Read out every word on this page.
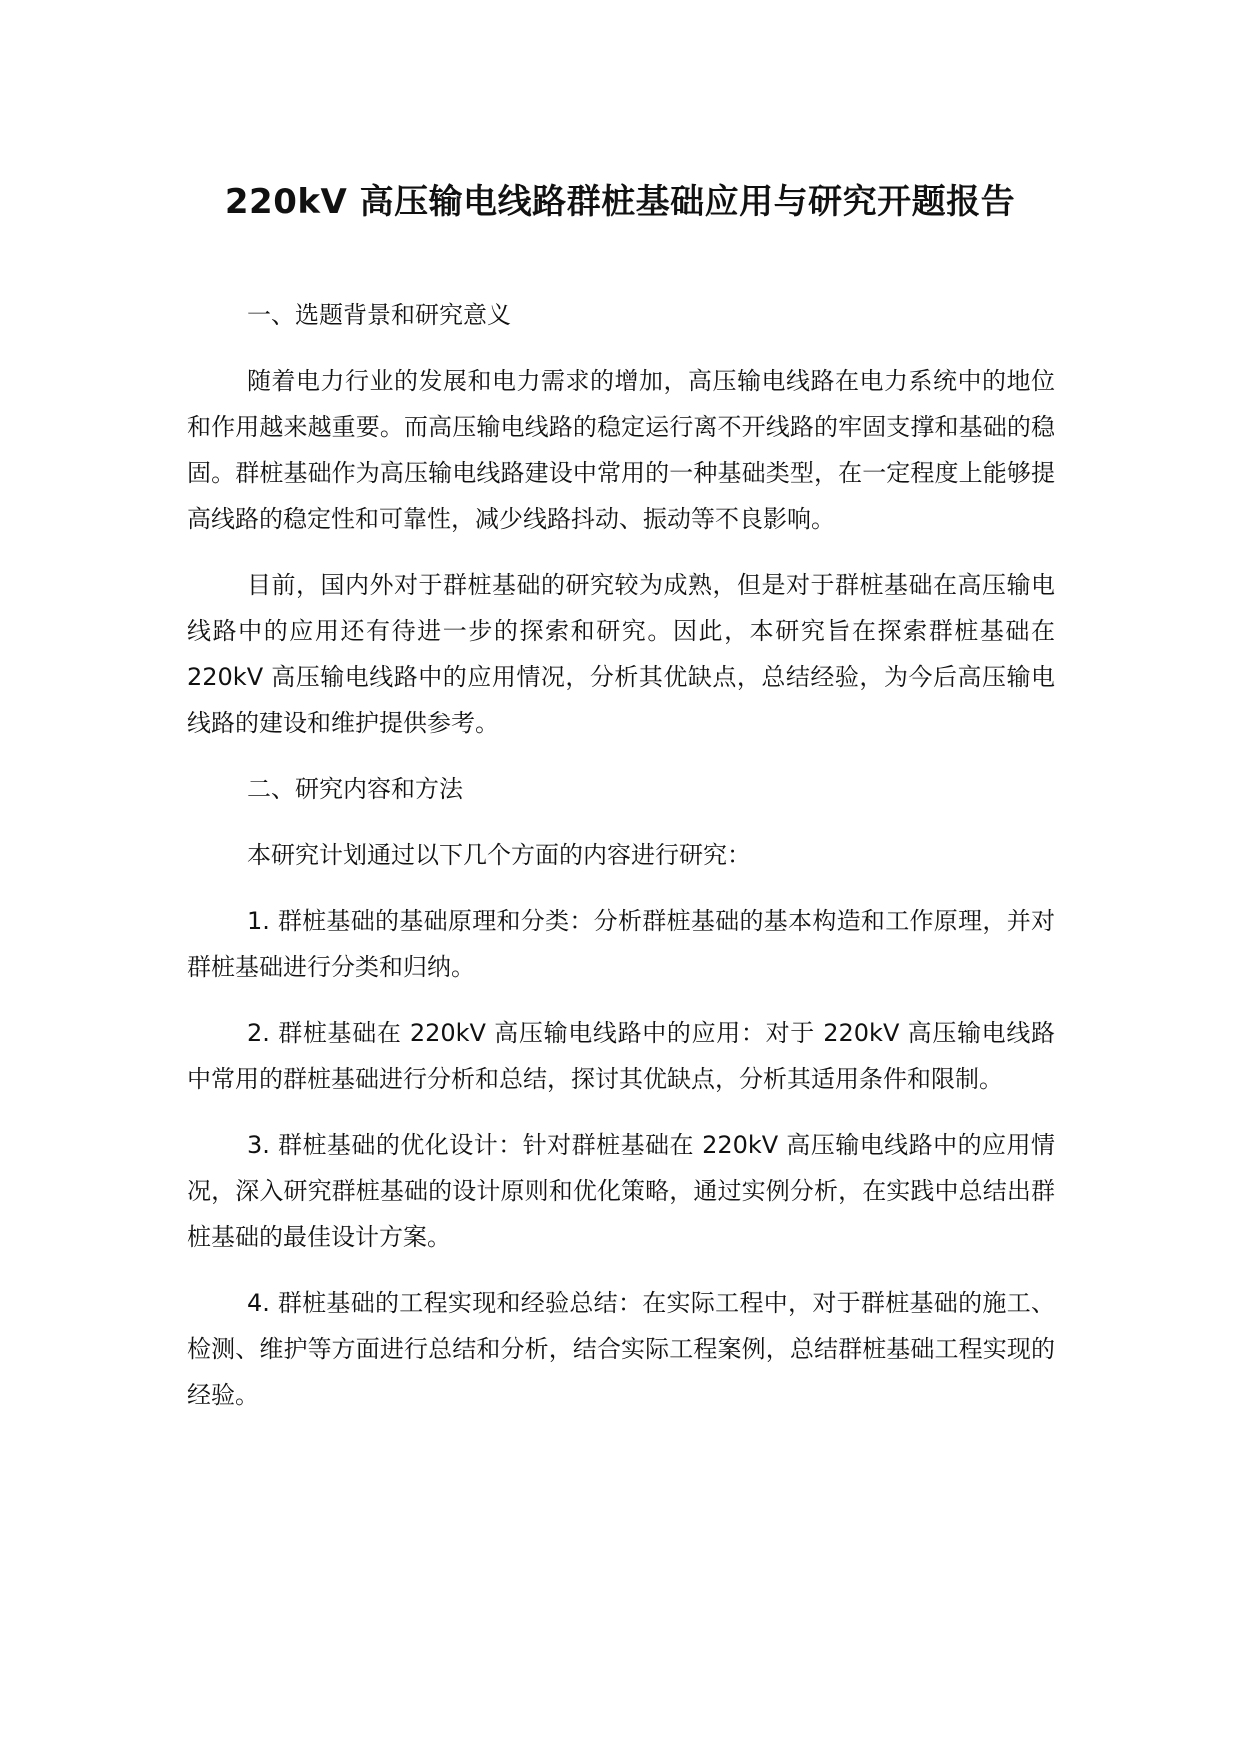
220kV 高压输电线路群桩基础应用与研究开题报告

一、选题背景和研究意义

随着电力行业的发展和电力需求的增加，高压输电线路在电力系统中的地位和作用越来越重要。而高压输电线路的稳定运行离不开线路的牢固支撑和基础的稳固。群桩基础作为高压输电线路建设中常用的一种基础类型，在一定程度上能够提高线路的稳定性和可靠性，减少线路抖动、振动等不良影响。

目前，国内外对于群桩基础的研究较为成熟，但是对于群桩基础在高压输电线路中的应用还有待进一步的探索和研究。因此，本研究旨在探索群桩基础在 220kV 高压输电线路中的应用情况，分析其优缺点，总结经验，为今后高压输电线路的建设和维护提供参考。

二、研究内容和方法

本研究计划通过以下几个方面的内容进行研究：

1. 群桩基础的基础原理和分类：分析群桩基础的基本构造和工作原理，并对群桩基础进行分类和归纳。

2. 群桩基础在 220kV 高压输电线路中的应用：对于 220kV 高压输电线路中常用的群桩基础进行分析和总结，探讨其优缺点，分析其适用条件和限制。

3. 群桩基础的优化设计：针对群桩基础在 220kV 高压输电线路中的应用情况，深入研究群桩基础的设计原则和优化策略，通过实例分析，在实践中总结出群桩基础的最佳设计方案。

4. 群桩基础的工程实现和经验总结：在实际工程中，对于群桩基础的施工、检测、维护等方面进行总结和分析，结合实际工程案例，总结群桩基础工程实现的经验。
